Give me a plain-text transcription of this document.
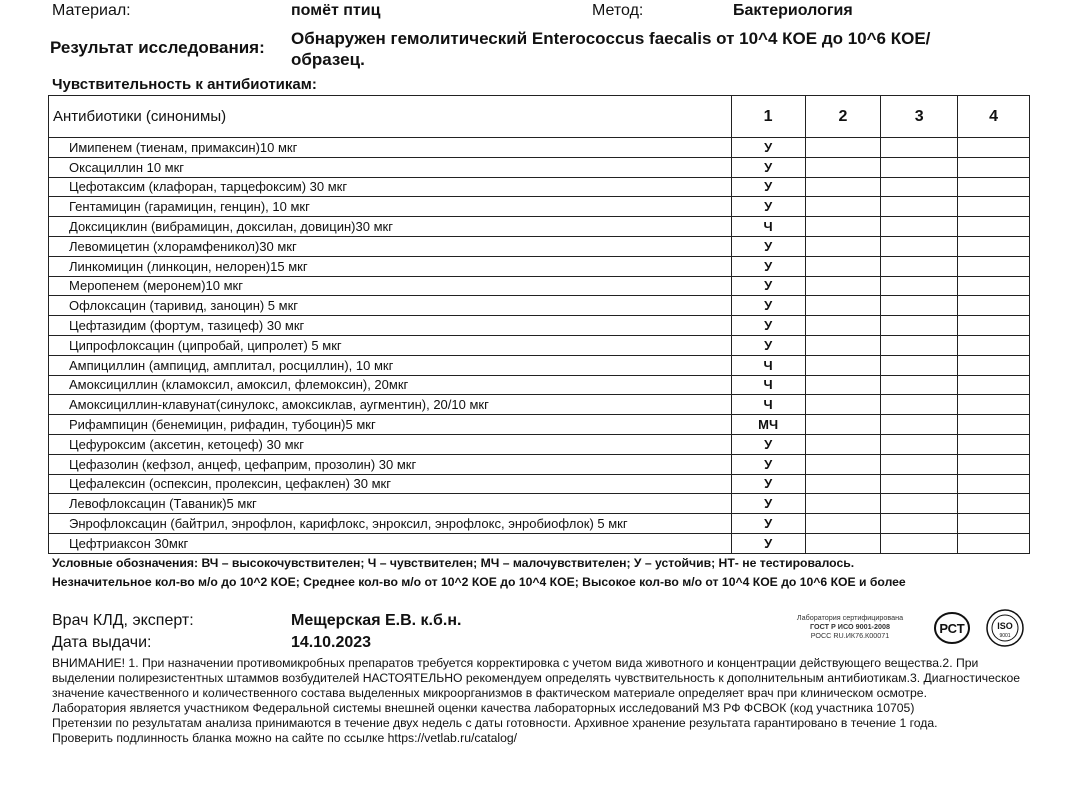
Материал:	помёт птиц	Метод:	Бактериология
Результат исследования: Обнаружен гемолитический Enterococcus faecalis от 10^4 КОЕ до 10^6 КОЕ/образец.
Чувствительность к антибиотикам:
Антибиотики (синонимы)	1	2	3	4
Имипенем (тиенам, примаксин)10 мкг	У			
Оксациллин 10 мкг	У			
Цефотаксим (клафоран, тарцефоксим) 30 мкг	У			
Гентамицин (гарамицин, генцин), 10 мкг	У			
Доксициклин (вибрамицин, доксилан, довицин)30 мкг	Ч			
Левомицетин (хлорамфеникол)30 мкг	У			
Линкомицин (линкоцин, нелорен)15 мкг	У			
Меропенем (меронем)10 мкг	У			
Офлоксацин (таривид, заноцин) 5 мкг	У			
Цефтазидим (фортум, тазицеф) 30 мкг	У			
Ципрофлоксацин (ципробай, ципролет) 5 мкг	У			
Ампициллин (ампицид, амплитал, росциллин), 10 мкг	Ч			
Амоксициллин (кламоксил, амоксил, флемоксин), 20мкг	Ч			
Амоксициллин-клавунат(синулокс, амоксиклав, аугментин), 20/10 мкг	Ч			
Рифампицин (бенемицин, рифадин, тубоцин)5 мкг	МЧ			
Цефуроксим (аксетин, кетоцеф) 30 мкг	У			
Цефазолин (кефзол, анцеф, цефаприм, прозолин) 30 мкг	У			
Цефалексин (оспексин, пролексин, цефаклен) 30 мкг	У			
Левофлоксацин (Таваник)5 мкг	У			
Энрофлоксацин (байтрил, энрофлон, карифлокс, энроксил, энрофлокс, энробиофлок) 5 мкг	У			
Цефтриаксон 30мкг	У			
Условные обозначения: ВЧ – высокочувствителен; Ч – чувствителен; МЧ – малочувствителен; У – устойчив; НТ- не тестировалось.
Незначительное кол-во м/о до 10^2 КОЕ; Среднее кол-во м/о от 10^2 КОЕ до 10^4 КОЕ; Высокое кол-во м/о от 10^4 КОЕ до 10^6 КОЕ и более
Врач КЛД, эксперт:	Мещерская Е.В. к.б.н.
Дата выдачи:	14.10.2023
Лаборатория сертифицирована
ГОСТ Р ИСО 9001-2008
РОСС RU.ИК76.К00071	РСТ	ISO
9001

ВНИМАНИЕ! 1. При назначении противомикробных препаратов требуется корректировка с учетом вида животного и концентрации действующего вещества.2. При выделении полирезистентных штаммов возбудителей НАСТОЯТЕЛЬНО рекомендуем определять чувствительность к дополнительным антибиотикам.3. Диагностическое значение качественного и количественного состава выделенных микроорганизмов в фактическом материале определяет врач при клиническом осмотре.

Лаборатория является участником Федеральной системы внешней оценки качества лабораторных исследований МЗ РФ ФСВОК (код участника 10705)

Претензии по результатам анализа принимаются в течение двух недель с даты готовности. Архивное хранение результата гарантировано в течение 1 года.

Проверить подлинность бланка можно на сайте по ссылке https://vetlab.ru/catalog/
